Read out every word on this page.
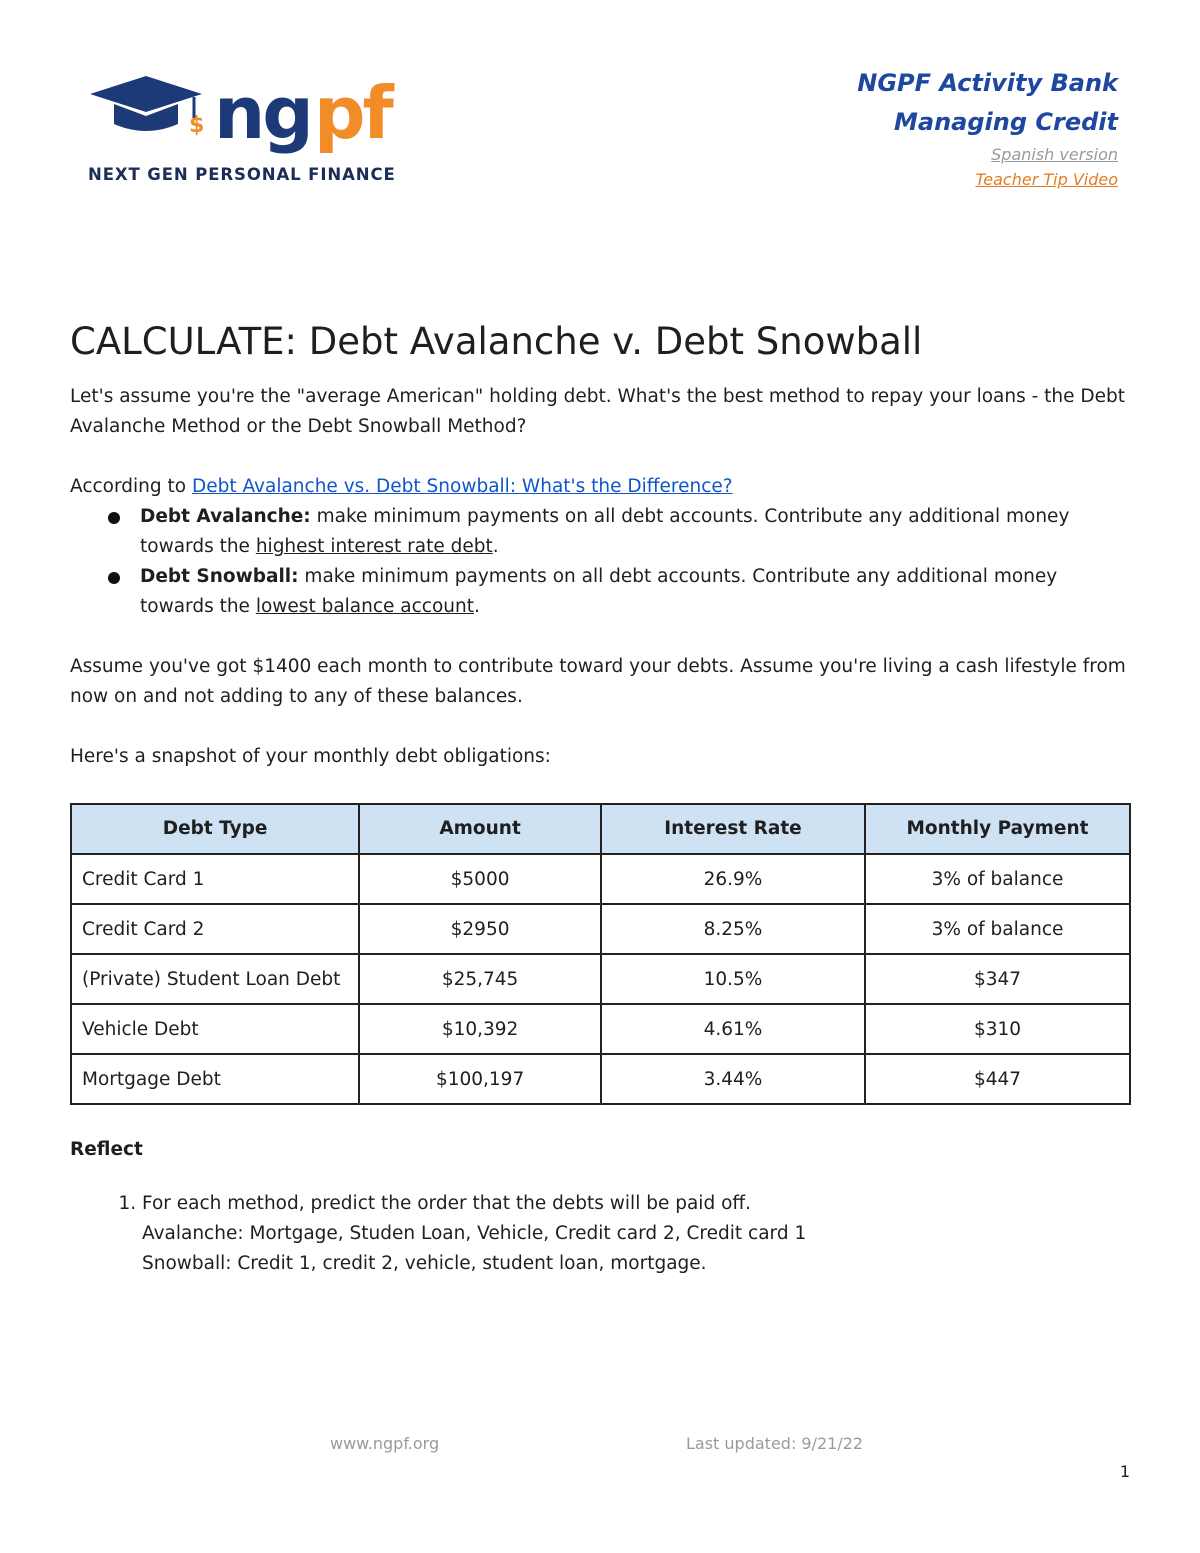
$ ng pf
NEXT GEN PERSONAL FINANCE
NGPF Activity Bank
Managing Credit
Spanish version
Teacher Tip Video
CALCULATE: Debt Avalanche v. Debt Snowball

Let's assume you're the "average American" holding debt. What's the best method to repay your loans - the Debt Avalanche Method or the Debt Snowball Method?

According to Debt Avalanche vs. Debt Snowball: What's the Difference?

Debt Avalanche: make minimum payments on all debt accounts. Contribute any additional money towards the highest interest rate debt.
Debt Snowball: make minimum payments on all debt accounts. Contribute any additional money towards the lowest balance account.

Assume you've got $1400 each month to contribute toward your debts. Assume you're living a cash lifestyle from now on and not adding to any of these balances.

Here's a snapshot of your monthly debt obligations:

Debt Type	Amount	Interest Rate	Monthly Payment
Credit Card 1	$5000	26.9%	3% of balance
Credit Card 2	$2950	8.25%	3% of balance
(Private) Student Loan Debt	$25,745	10.5%	$347
Vehicle Debt	$10,392	4.61%	$310
Mortgage Debt	$100,197	3.44%	$447
Reflect
1. For each method, predict the order that the debts will be paid off.
Avalanche: Mortgage, Studen Loan, Vehicle, Credit card 2, Credit card 1
Snowball: Credit 1, credit 2, vehicle, student loan, mortgage.
www.ngpf.org	Last updated: 9/21/22
1
